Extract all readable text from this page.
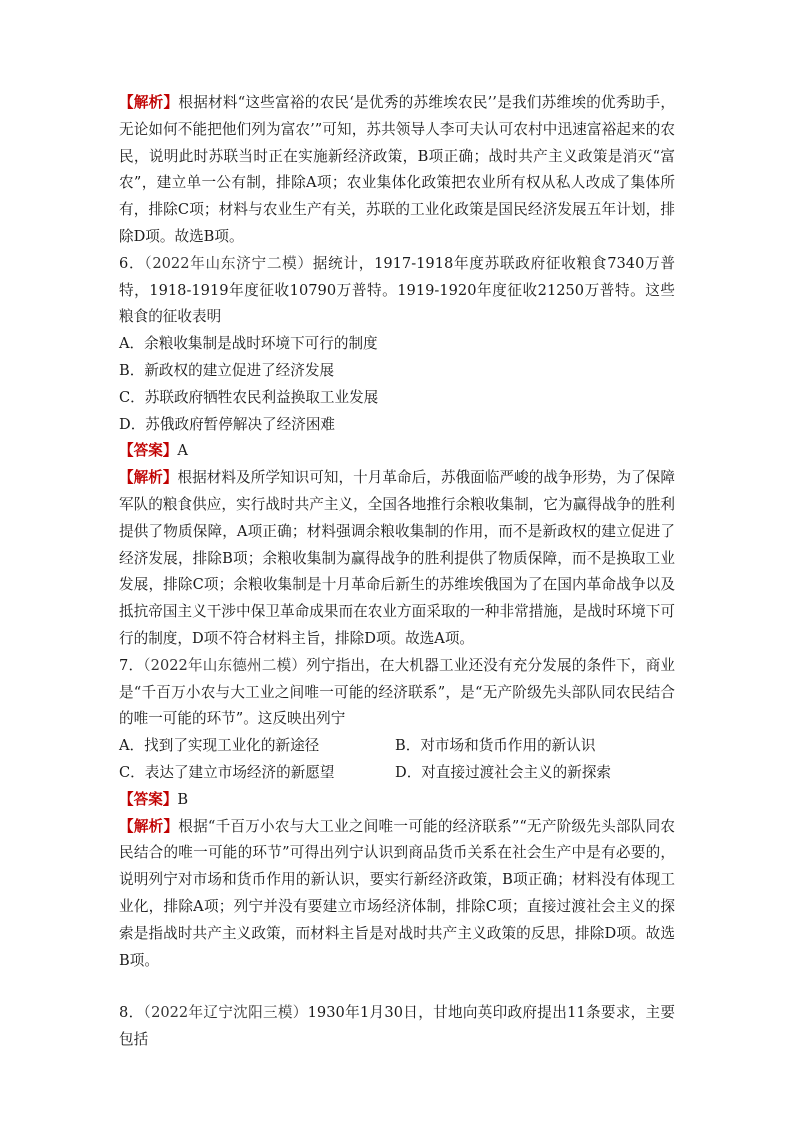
【解析】根据材料“这些富裕的农民‘是优秀的苏维埃农民’’是我们苏维埃的优秀助手，无论如何不能把他们列为富农’”可知，苏共领导人李可夫认可农村中迅速富裕起来的农民，说明此时苏联当时正在实施新经济政策，B项正确；战时共产主义政策是消灭“富农”，建立单一公有制，排除A项；农业集体化政策把农业所有权从私人改成了集体所有，排除C项；材料与农业生产有关，苏联的工业化政策是国民经济发展五年计划，排除D项。故选B项。

6．（2022年山东济宁二模）据统计，1917-1918年度苏联政府征收粮食7340万普特，1918-1919年度征收10790万普特。1919-1920年度征收21250万普特。这些粮食的征收表明

A．余粮收集制是战时环境下可行的制度

B．新政权的建立促进了经济发展

C．苏联政府牺牲农民利益换取工业发展

D．苏俄政府暂停解决了经济困难

【答案】A

【解析】根据材料及所学知识可知，十月革命后，苏俄面临严峻的战争形势，为了保障军队的粮食供应，实行战时共产主义，全国各地推行余粮收集制，它为赢得战争的胜利提供了物质保障，A项正确；材料强调余粮收集制的作用，而不是新政权的建立促进了经济发展，排除B项；余粮收集制为赢得战争的胜利提供了物质保障，而不是换取工业发展，排除C项；余粮收集制是十月革命后新生的苏维埃俄国为了在国内革命战争以及抵抗帝国主义干涉中保卫革命成果而在农业方面采取的一种非常措施，是战时环境下可行的制度，D项不符合材料主旨，排除D项。故选A项。

7．（2022年山东德州二模）列宁指出，在大机器工业还没有充分发展的条件下，商业是“千百万小农与大工业之间唯一可能的经济联系”，是“无产阶级先头部队同农民结合的唯一可能的环节”。这反映出列宁

A．找到了实现工业化的新途径	B．对市场和货币作用的新认识

C．表达了建立市场经济的新愿望	D．对直接过渡社会主义的新探索

【答案】B

【解析】根据“千百万小农与大工业之间唯一可能的经济联系”“无产阶级先头部队同农民结合的唯一可能的环节”可得出列宁认识到商品货币关系在社会生产中是有必要的，说明列宁对市场和货币作用的新认识，要实行新经济政策，B项正确；材料没有体现工业化，排除A项；列宁并没有要建立市场经济体制，排除C项；直接过渡社会主义的探索是指战时共产主义政策，而材料主旨是对战时共产主义政策的反思，排除D项。故选B项。

8．（2022年辽宁沈阳三模）1930年1月30日，甘地向英印政府提出11条要求，主要包括
